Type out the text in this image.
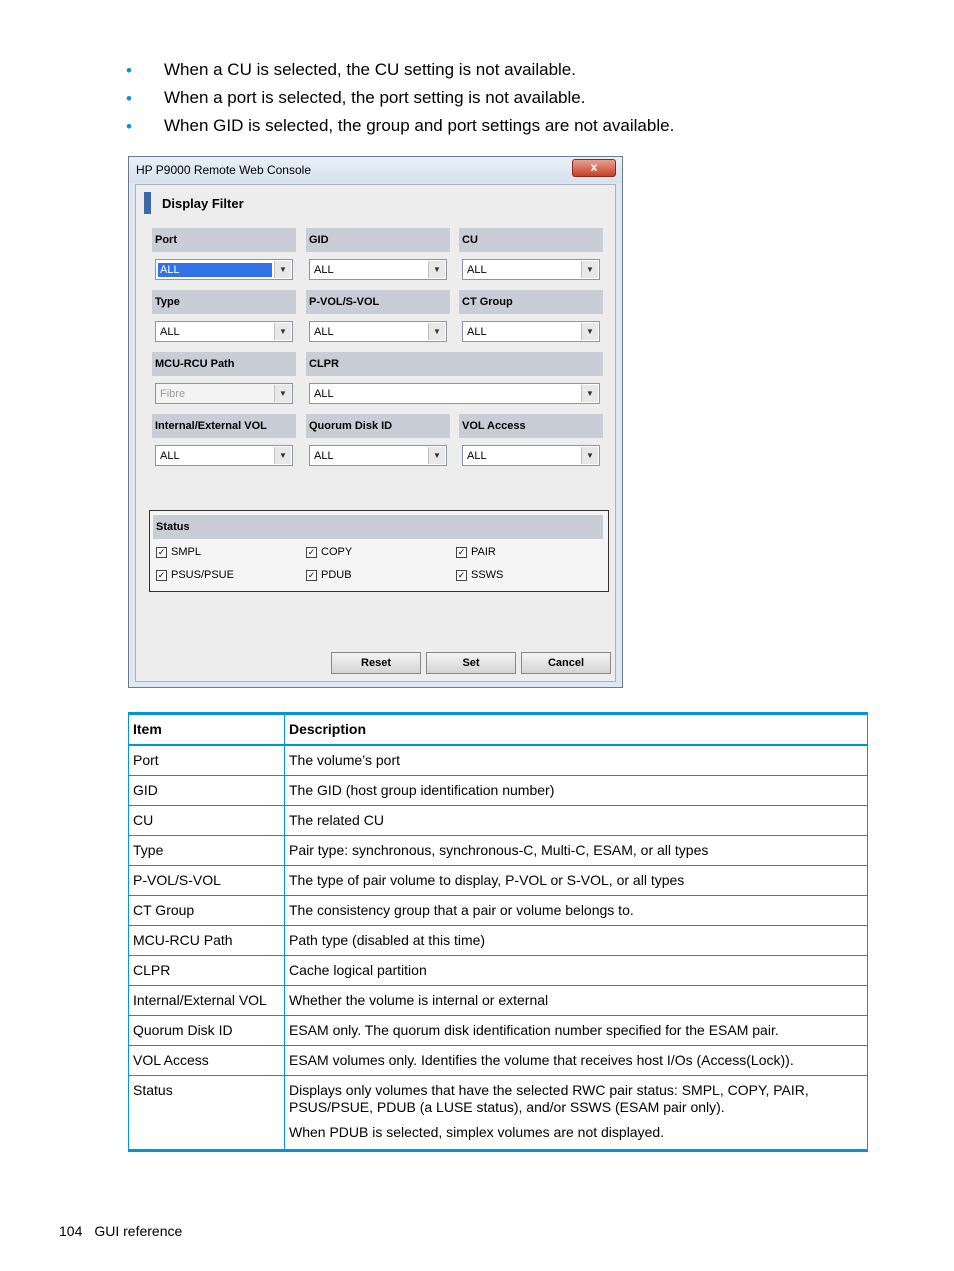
• When a CU is selected, the CU setting is not available.
• When a port is selected, the port setting is not available.
• When GID is selected, the group and port settings are not available.
HP P9000 Remote Web Console	x
Display Filter
Port
ALL	▼
GID
ALL	▼
CU
ALL	▼
Type
ALL	▼
P-VOL/S-VOL
ALL	▼
CT Group
ALL	▼
MCU-RCU Path
Fibre	▼
CLPR
ALL	▼
Internal/External VOL
ALL	▼
Quorum Disk ID
ALL	▼
VOL Access
ALL	▼
Status
✓ SMPL	✓ COPY	✓ PAIR
✓ PSUS/PSUE	✓ PDUB	✓ SSWS
Reset	Set	Cancel
Item	Description
Port	The volume’s port
GID	The GID (host group identification number)
CU	The related CU
Type	Pair type: synchronous, synchronous-C, Multi-C, ESAM, or all types
P-VOL/S-VOL	The type of pair volume to display, P-VOL or S-VOL, or all types
CT Group	The consistency group that a pair or volume belongs to.
MCU-RCU Path	Path type (disabled at this time)
CLPR	Cache logical partition
Internal/External VOL	Whether the volume is internal or external
Quorum Disk ID	ESAM only. The quorum disk identification number specified for the ESAM pair.
VOL Access	ESAM volumes only. Identifies the volume that receives host I/Os (Access(Lock)).
Status	Displays only volumes that have the selected RWC pair status: SMPL, COPY, PAIR, PSUS/PSUE, PDUB (a LUSE status), and/or SSWS (ESAM pair only).
When PDUB is selected, simplex volumes are not displayed.
104 GUI reference
